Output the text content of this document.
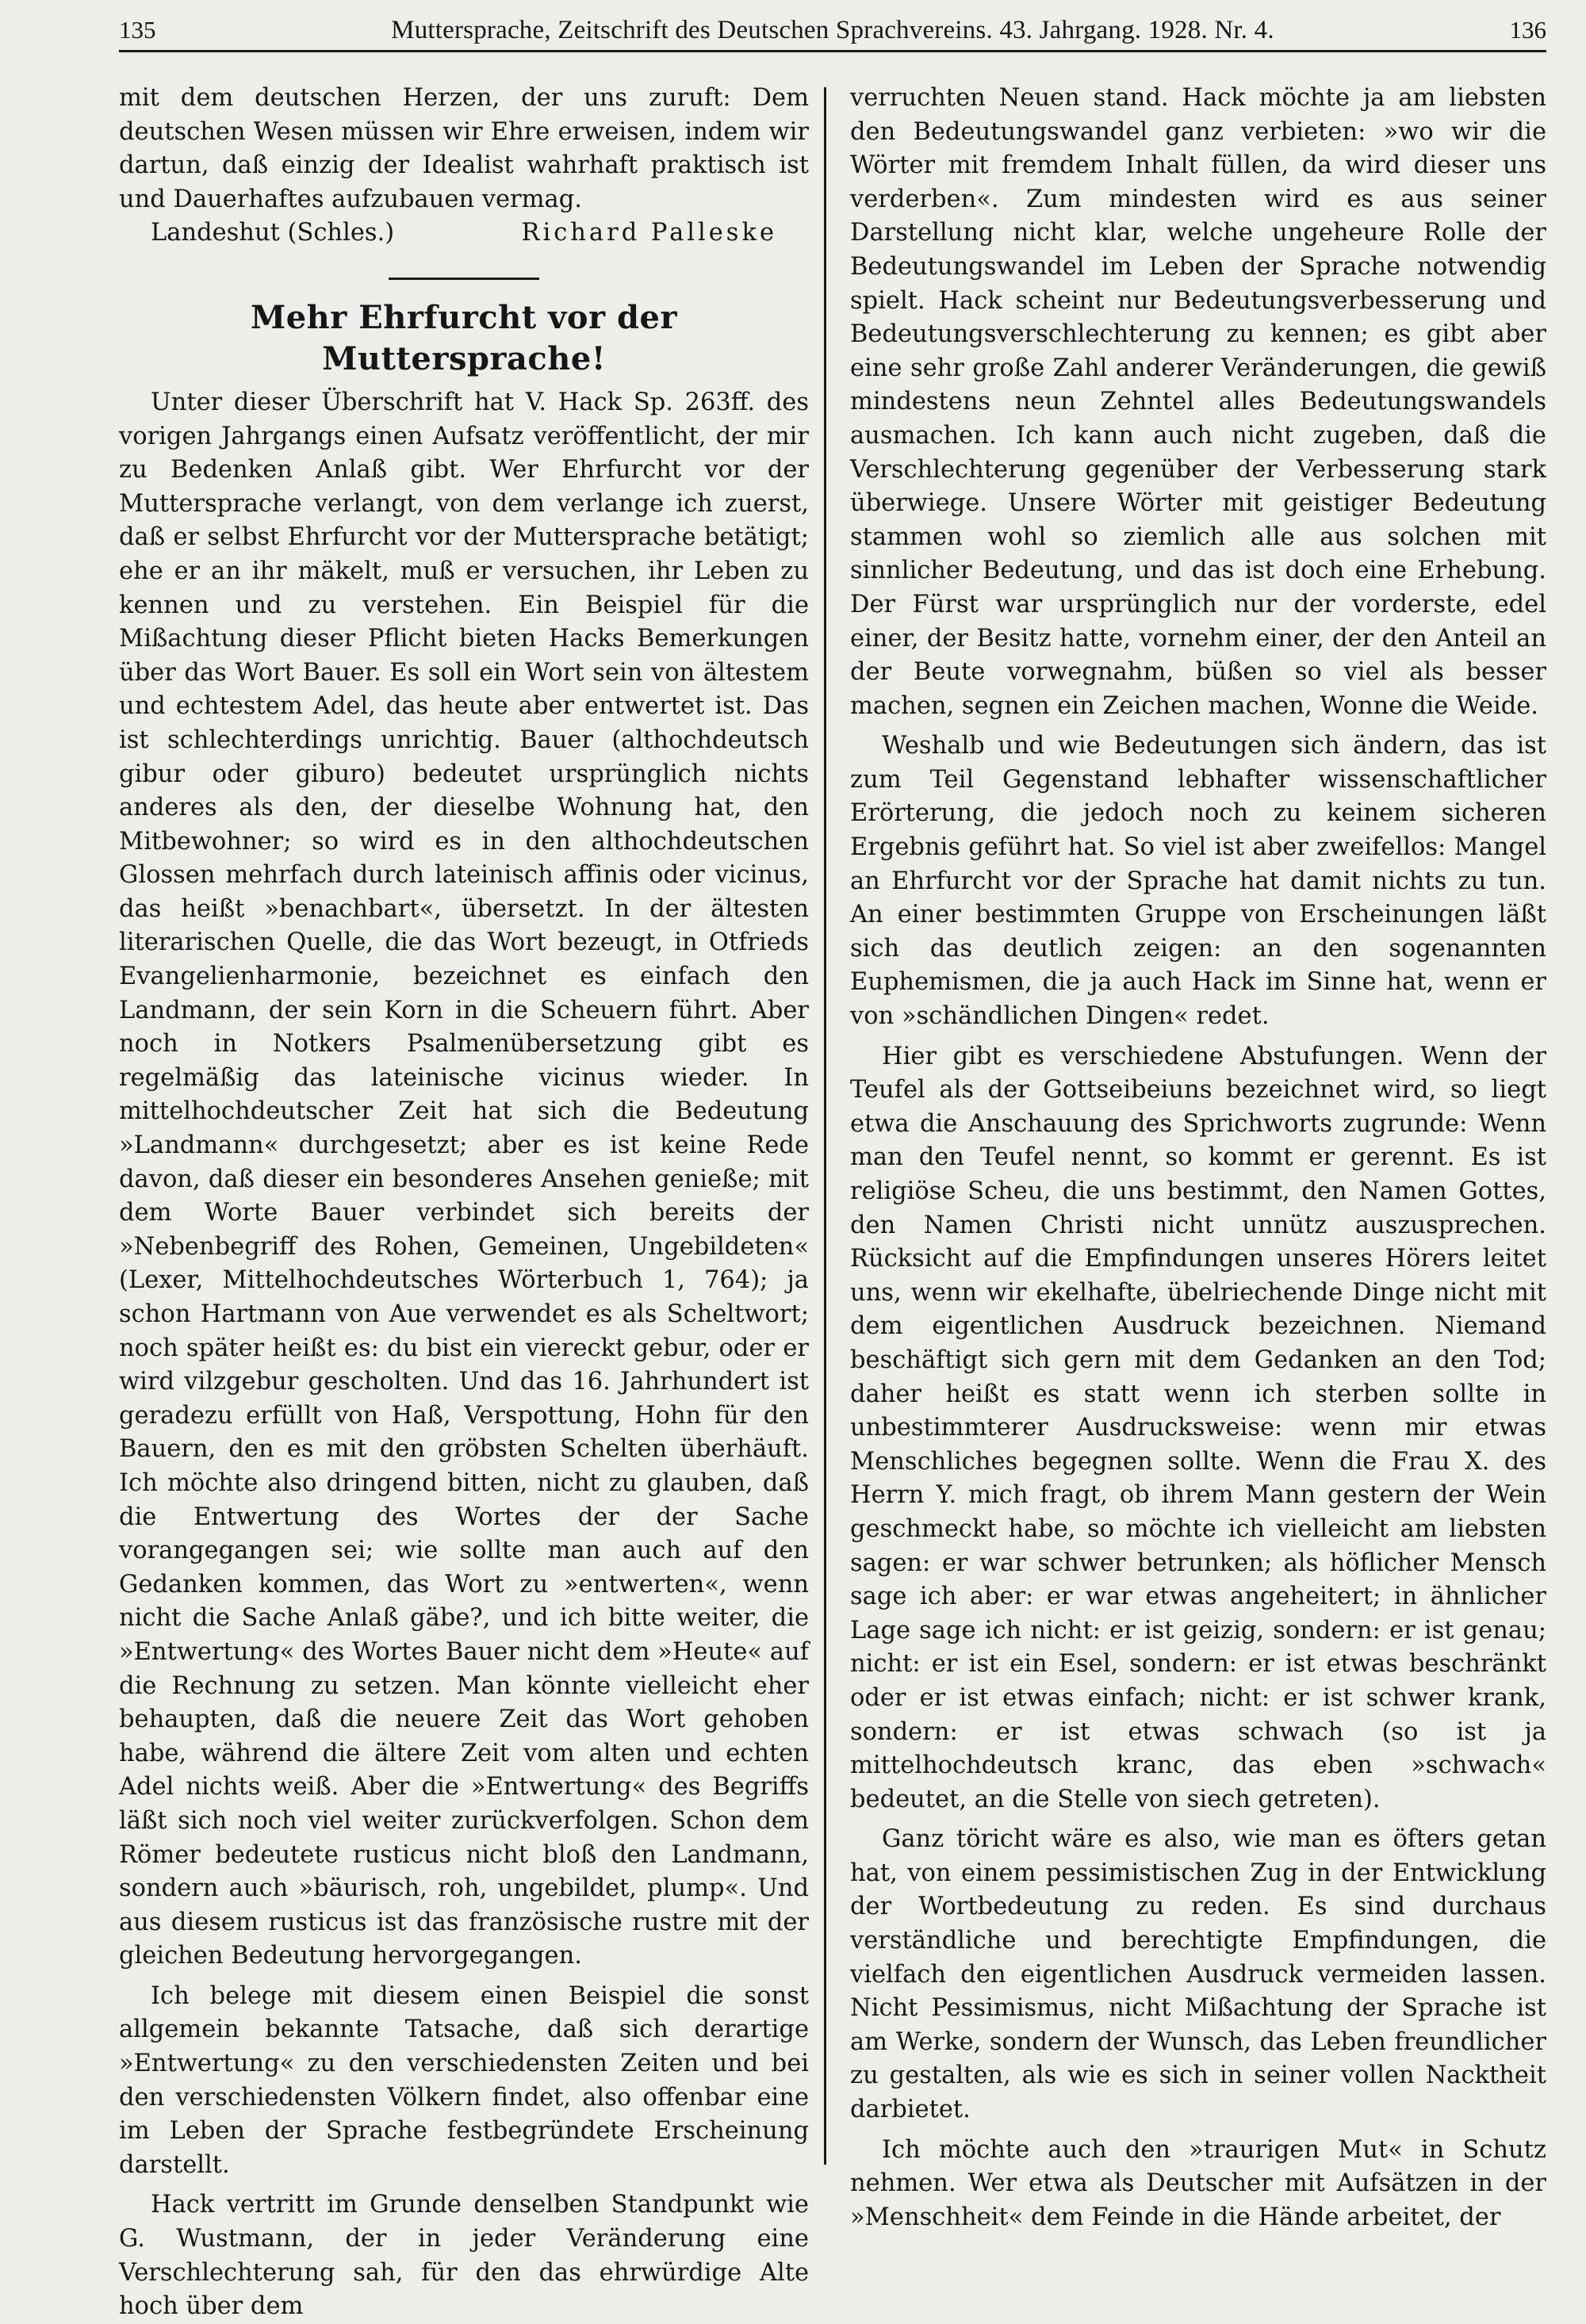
135	Muttersprache, Zeitschrift des Deutschen Sprachvereins. 43. Jahrgang. 1928. Nr. 4.	136

mit dem deutschen Herzen, der uns zuruft: Dem deutschen Wesen müssen wir Ehre erweisen, indem wir dartun, daß einzig der Idealist wahrhaft praktisch ist und Dauerhaftes aufzubauen vermag.

Landeshut (Schles.)	Richard Palleske
Mehr Ehrfurcht vor der Muttersprache!

Unter dieser Überschrift hat V. Hack Sp. 263ff. des vorigen Jahrgangs einen Aufsatz veröffentlicht, der mir zu Bedenken Anlaß gibt. Wer Ehrfurcht vor der Muttersprache verlangt, von dem verlange ich zuerst, daß er selbst Ehrfurcht vor der Muttersprache betätigt; ehe er an ihr mäkelt, muß er versuchen, ihr Leben zu kennen und zu verstehen. Ein Beispiel für die Mißachtung dieser Pflicht bieten Hacks Bemerkungen über das Wort Bauer. Es soll ein Wort sein von ältestem und echtestem Adel, das heute aber entwertet ist. Das ist schlechterdings unrichtig. Bauer (althochdeutsch gibur oder giburo) bedeutet ursprünglich nichts anderes als den, der dieselbe Wohnung hat, den Mitbewohner; so wird es in den althochdeutschen Glossen mehrfach durch lateinisch affinis oder vicinus, das heißt »benachbart«, übersetzt. In der ältesten literarischen Quelle, die das Wort bezeugt, in Otfrieds Evangelienharmonie, bezeichnet es einfach den Landmann, der sein Korn in die Scheuern führt. Aber noch in Notkers Psalmenübersetzung gibt es regelmäßig das lateinische vicinus wieder. In mittelhochdeutscher Zeit hat sich die Bedeutung »Landmann« durchgesetzt; aber es ist keine Rede davon, daß dieser ein besonderes Ansehen genieße; mit dem Worte Bauer verbindet sich bereits der »Nebenbegriff des Rohen, Gemeinen, Ungebildeten« (Lexer, Mittelhochdeutsches Wörterbuch 1, 764); ja schon Hartmann von Aue verwendet es als Scheltwort; noch später heißt es: du bist ein viereckt gebur, oder er wird vilzgebur gescholten. Und das 16. Jahrhundert ist geradezu erfüllt von Haß, Verspottung, Hohn für den Bauern, den es mit den gröbsten Schelten überhäuft. Ich möchte also dringend bitten, nicht zu glauben, daß die Entwertung des Wortes der der Sache vorangegangen sei; wie sollte man auch auf den Gedanken kommen, das Wort zu »entwerten«, wenn nicht die Sache Anlaß gäbe?, und ich bitte weiter, die »Entwertung« des Wortes Bauer nicht dem »Heute« auf die Rechnung zu setzen. Man könnte vielleicht eher behaupten, daß die neuere Zeit das Wort gehoben habe, während die ältere Zeit vom alten und echten Adel nichts weiß. Aber die »Entwertung« des Begriffs läßt sich noch viel weiter zurückverfolgen. Schon dem Römer bedeutete rusticus nicht bloß den Landmann, sondern auch »bäurisch, roh, ungebildet, plump«. Und aus diesem rusticus ist das französische rustre mit der gleichen Bedeutung hervorgegangen.

Ich belege mit diesem einen Beispiel die sonst allgemein bekannte Tatsache, daß sich derartige »Entwertung« zu den verschiedensten Zeiten und bei den verschiedensten Völkern findet, also offenbar eine im Leben der Sprache festbegründete Erscheinung darstellt.

Hack vertritt im Grunde denselben Standpunkt wie G. Wustmann, der in jeder Veränderung eine Verschlechterung sah, für den das ehrwürdige Alte hoch über dem

verruchten Neuen stand. Hack möchte ja am liebsten den Bedeutungswandel ganz verbieten: »wo wir die Wörter mit fremdem Inhalt füllen, da wird dieser uns verderben«. Zum mindesten wird es aus seiner Darstellung nicht klar, welche ungeheure Rolle der Bedeutungswandel im Leben der Sprache notwendig spielt. Hack scheint nur Bedeutungsverbesserung und Bedeutungsverschlechterung zu kennen; es gibt aber eine sehr große Zahl anderer Veränderungen, die gewiß mindestens neun Zehntel alles Bedeutungswandels ausmachen. Ich kann auch nicht zugeben, daß die Verschlechterung gegenüber der Verbesserung stark überwiege. Unsere Wörter mit geistiger Bedeutung stammen wohl so ziemlich alle aus solchen mit sinnlicher Bedeutung, und das ist doch eine Erhebung. Der Fürst war ursprünglich nur der vorderste, edel einer, der Besitz hatte, vornehm einer, der den Anteil an der Beute vorwegnahm, büßen so viel als besser machen, segnen ein Zeichen machen, Wonne die Weide.

Weshalb und wie Bedeutungen sich ändern, das ist zum Teil Gegenstand lebhafter wissenschaftlicher Erörterung, die jedoch noch zu keinem sicheren Ergebnis geführt hat. So viel ist aber zweifellos: Mangel an Ehrfurcht vor der Sprache hat damit nichts zu tun. An einer bestimmten Gruppe von Erscheinungen läßt sich das deutlich zeigen: an den sogenannten Euphemismen, die ja auch Hack im Sinne hat, wenn er von »schändlichen Dingen« redet.

Hier gibt es verschiedene Abstufungen. Wenn der Teufel als der Gottseibeiuns bezeichnet wird, so liegt etwa die Anschauung des Sprichworts zugrunde: Wenn man den Teufel nennt, so kommt er gerennt. Es ist religiöse Scheu, die uns bestimmt, den Namen Gottes, den Namen Christi nicht unnütz auszusprechen. Rücksicht auf die Empfindungen unseres Hörers leitet uns, wenn wir ekelhafte, übelriechende Dinge nicht mit dem eigentlichen Ausdruck bezeichnen. Niemand beschäftigt sich gern mit dem Gedanken an den Tod; daher heißt es statt wenn ich sterben sollte in unbestimmterer Ausdrucksweise: wenn mir etwas Menschliches begegnen sollte. Wenn die Frau X. des Herrn Y. mich fragt, ob ihrem Mann gestern der Wein geschmeckt habe, so möchte ich vielleicht am liebsten sagen: er war schwer betrunken; als höflicher Mensch sage ich aber: er war etwas angeheitert; in ähnlicher Lage sage ich nicht: er ist geizig, sondern: er ist genau; nicht: er ist ein Esel, sondern: er ist etwas beschränkt oder er ist etwas einfach; nicht: er ist schwer krank, sondern: er ist etwas schwach (so ist ja mittelhochdeutsch kranc, das eben »schwach« bedeutet, an die Stelle von siech getreten).

Ganz töricht wäre es also, wie man es öfters getan hat, von einem pessimistischen Zug in der Entwicklung der Wortbedeutung zu reden. Es sind durchaus verständliche und berechtigte Empfindungen, die vielfach den eigentlichen Ausdruck vermeiden lassen. Nicht Pessimismus, nicht Mißachtung der Sprache ist am Werke, sondern der Wunsch, das Leben freundlicher zu gestalten, als wie es sich in seiner vollen Nacktheit darbietet.

Ich möchte auch den »traurigen Mut« in Schutz nehmen. Wer etwa als Deutscher mit Aufsätzen in der »Menschheit« dem Feinde in die Hände arbeitet, der
